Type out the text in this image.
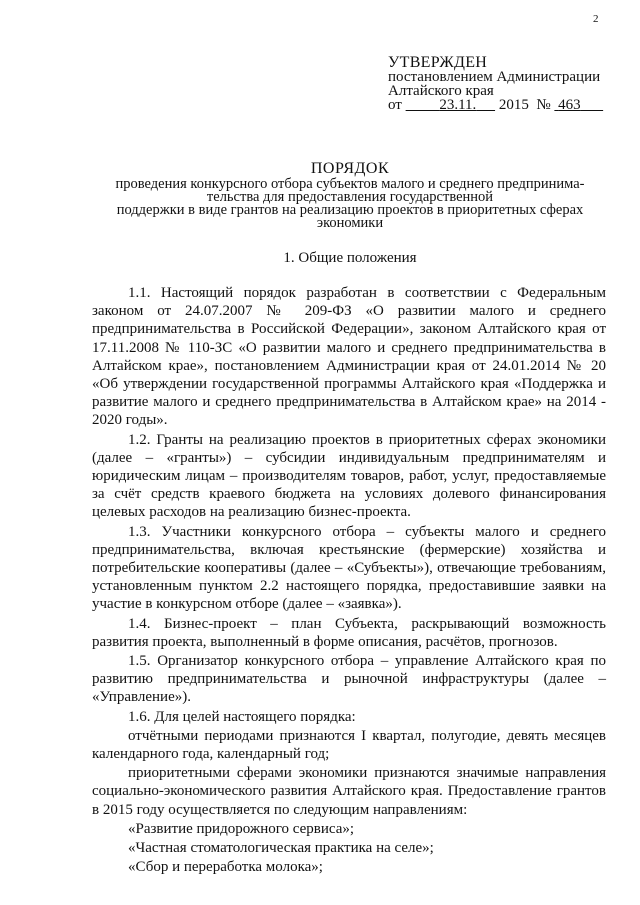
2
УТВЕРЖДЕН
постановлением Администрации
Алтайского края
от	23.11. 2015 № 463
ПОРЯДОК
проведения конкурсного отбора субъектов малого и среднего предпринима-
тельства для предоставления государственной
поддержки в виде грантов на реализацию проектов в приоритетных сферах
экономики
1. Общие положения

1.1. Настоящий порядок разработан в соответствии с Федеральным законом от 24.07.2007 № 209-ФЗ «О развитии малого и среднего предпринимательства в Российской Федерации», законом Алтайского края от 17.11.2008 № 110-ЗС «О развитии малого и среднего предпринимательства в Алтайском крае», постановлением Администрации края от 24.01.2014 № 20 «Об утверждении государственной программы Алтайского края «Поддержка и развитие малого и среднего предпринимательства в Алтайском крае» на 2014 - 2020 годы».

1.2. Гранты на реализацию проектов в приоритетных сферах экономики (далее – «гранты») – субсидии индивидуальным предпринимателям и юридическим лицам – производителям товаров, работ, услуг, предоставляемые за счёт средств краевого бюджета на условиях долевого финансирования целевых расходов на реализацию бизнес-проекта.

1.3. Участники конкурсного отбора – субъекты малого и среднего предпринимательства, включая крестьянские (фермерские) хозяйства и потребительские кооперативы (далее – «Субъекты»), отвечающие требованиям, установленным пунктом 2.2 настоящего порядка, предоставившие заявки на участие в конкурсном отборе (далее – «заявка»).

1.4. Бизнес-проект – план Субъекта, раскрывающий возможность развития проекта, выполненный в форме описания, расчётов, прогнозов.

1.5. Организатор конкурсного отбора – управление Алтайского края по развитию предпринимательства и рыночной инфраструктуры (далее – «Управление»).

1.6. Для целей настоящего порядка:

отчётными периодами признаются I квартал, полугодие, девять месяцев календарного года, календарный год;

приоритетными сферами экономики признаются значимые направления социально-экономического развития Алтайского края. Предоставление грантов в 2015 году осуществляется по следующим направлениям:

«Развитие придорожного сервиса»;

«Частная стоматологическая практика на селе»;

«Сбор и переработка молока»;
